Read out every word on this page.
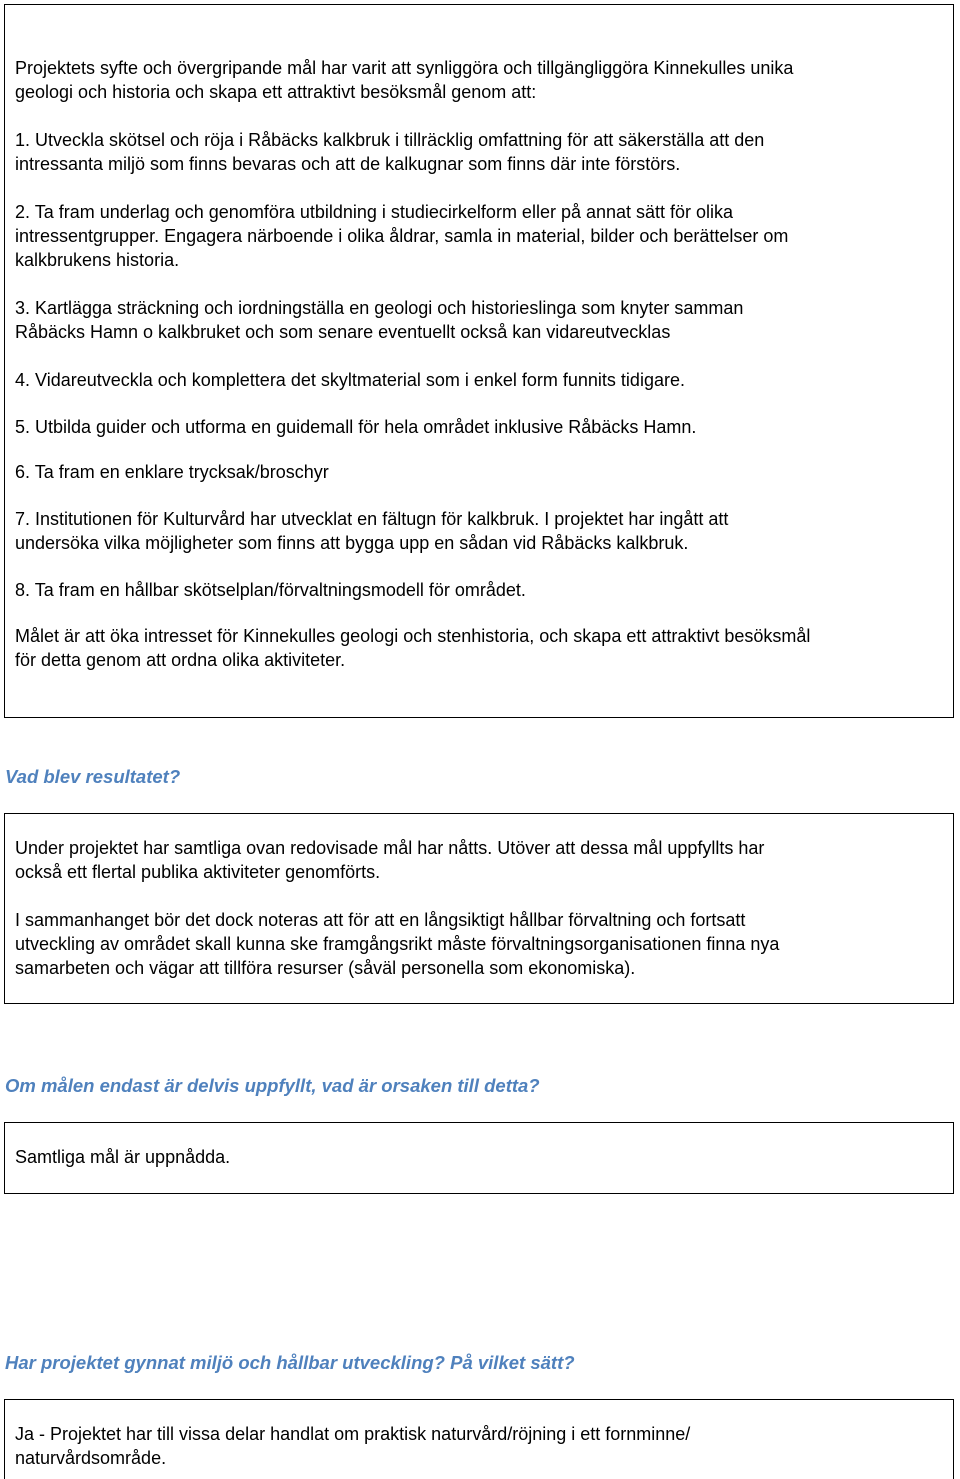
Projektets syfte och övergripande mål har varit att synliggöra och tillgängliggöra Kinnekulles unika
geologi och historia och skapa ett attraktivt besöksmål genom att:

1. Utveckla skötsel och röja i Råbäcks kalkbruk i tillräcklig omfattning för att säkerställa att den
intressanta miljö som finns bevaras och att de kalkugnar som finns där inte förstörs.

2. Ta fram underlag och genomföra utbildning i studiecirkelform eller på annat sätt för olika
intressentgrupper. Engagera närboende i olika åldrar, samla in material, bilder och berättelser om
kalkbrukens historia.

3. Kartlägga sträckning och iordningställa en geologi och historieslinga som knyter samman
Råbäcks Hamn o kalkbruket och som senare eventuellt också kan vidareutvecklas

4. Vidareutveckla och komplettera det skyltmaterial som i enkel form funnits tidigare.

5. Utbilda guider och utforma en guidemall för hela området inklusive Råbäcks Hamn.

6. Ta fram en enklare trycksak/broschyr

7. Institutionen för Kulturvård har utvecklat en fältugn för kalkbruk. I projektet har ingått att
undersöka vilka möjligheter som finns att bygga upp en sådan vid Råbäcks kalkbruk.

8. Ta fram en hållbar skötselplan/förvaltningsmodell för området.

Målet är att öka intresset för Kinnekulles geologi och stenhistoria, och skapa ett attraktivt besöksmål
för detta genom att ordna olika aktiviteter.

Vad blev resultatet?

Under projektet har samtliga ovan redovisade mål har nåtts. Utöver att dessa mål uppfyllts har
också ett flertal publika aktiviteter genomförts.

I sammanhanget bör det dock noteras att för att en långsiktigt hållbar förvaltning och fortsatt
utveckling av området skall kunna ske framgångsrikt måste förvaltningsorganisationen finna nya
samarbeten och vägar att tillföra resurser (såväl personella som ekonomiska).

Om målen endast är delvis uppfyllt, vad är orsaken till detta?

Samtliga mål är uppnådda.

Har projektet gynnat miljö och hållbar utveckling? På vilket sätt?

Ja - Projektet har till vissa delar handlat om praktisk naturvård/röjning i ett fornminne/
naturvårdsområde.
